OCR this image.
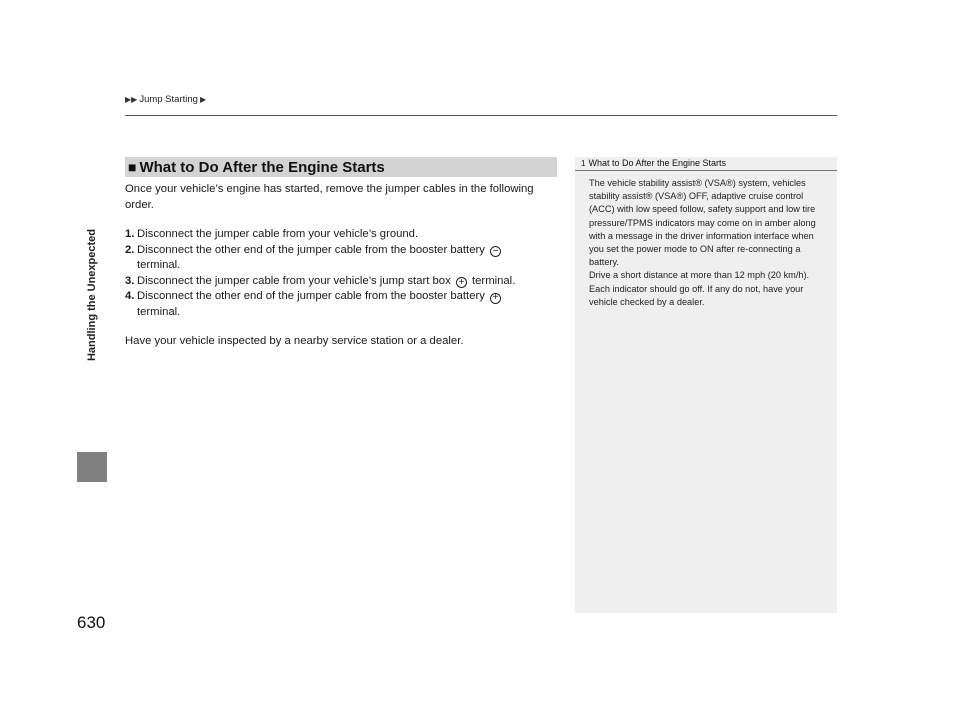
▶▶ Jump Starting ▶
Handling the Unexpected
630
■ What to Do After the Engine Starts

Once your vehicle’s engine has started, remove the jumper cables in the following order.

1. Disconnect the jumper cable from your vehicle’s ground.
2. Disconnect the other end of the jumper cable from the booster battery −
terminal.
3. Disconnect the jumper cable from your vehicle’s jump start box + terminal.
4. Disconnect the other end of the jumper cable from the booster battery +
terminal.

Have your vehicle inspected by a nearby service station or a dealer.

1 What to Do After the Engine Starts

The vehicle stability assist® (VSA®) system, vehicles stability assist® (VSA®) OFF, adaptive cruise control (ACC) with low speed follow, safety support and low tire pressure/TPMS indicators may come on in amber along with a message in the driver information interface when you set the power mode to ON after re-connecting a battery.

Drive a short distance at more than 12 mph (20 km/h). Each indicator should go off. If any do not, have your vehicle checked by a dealer.
